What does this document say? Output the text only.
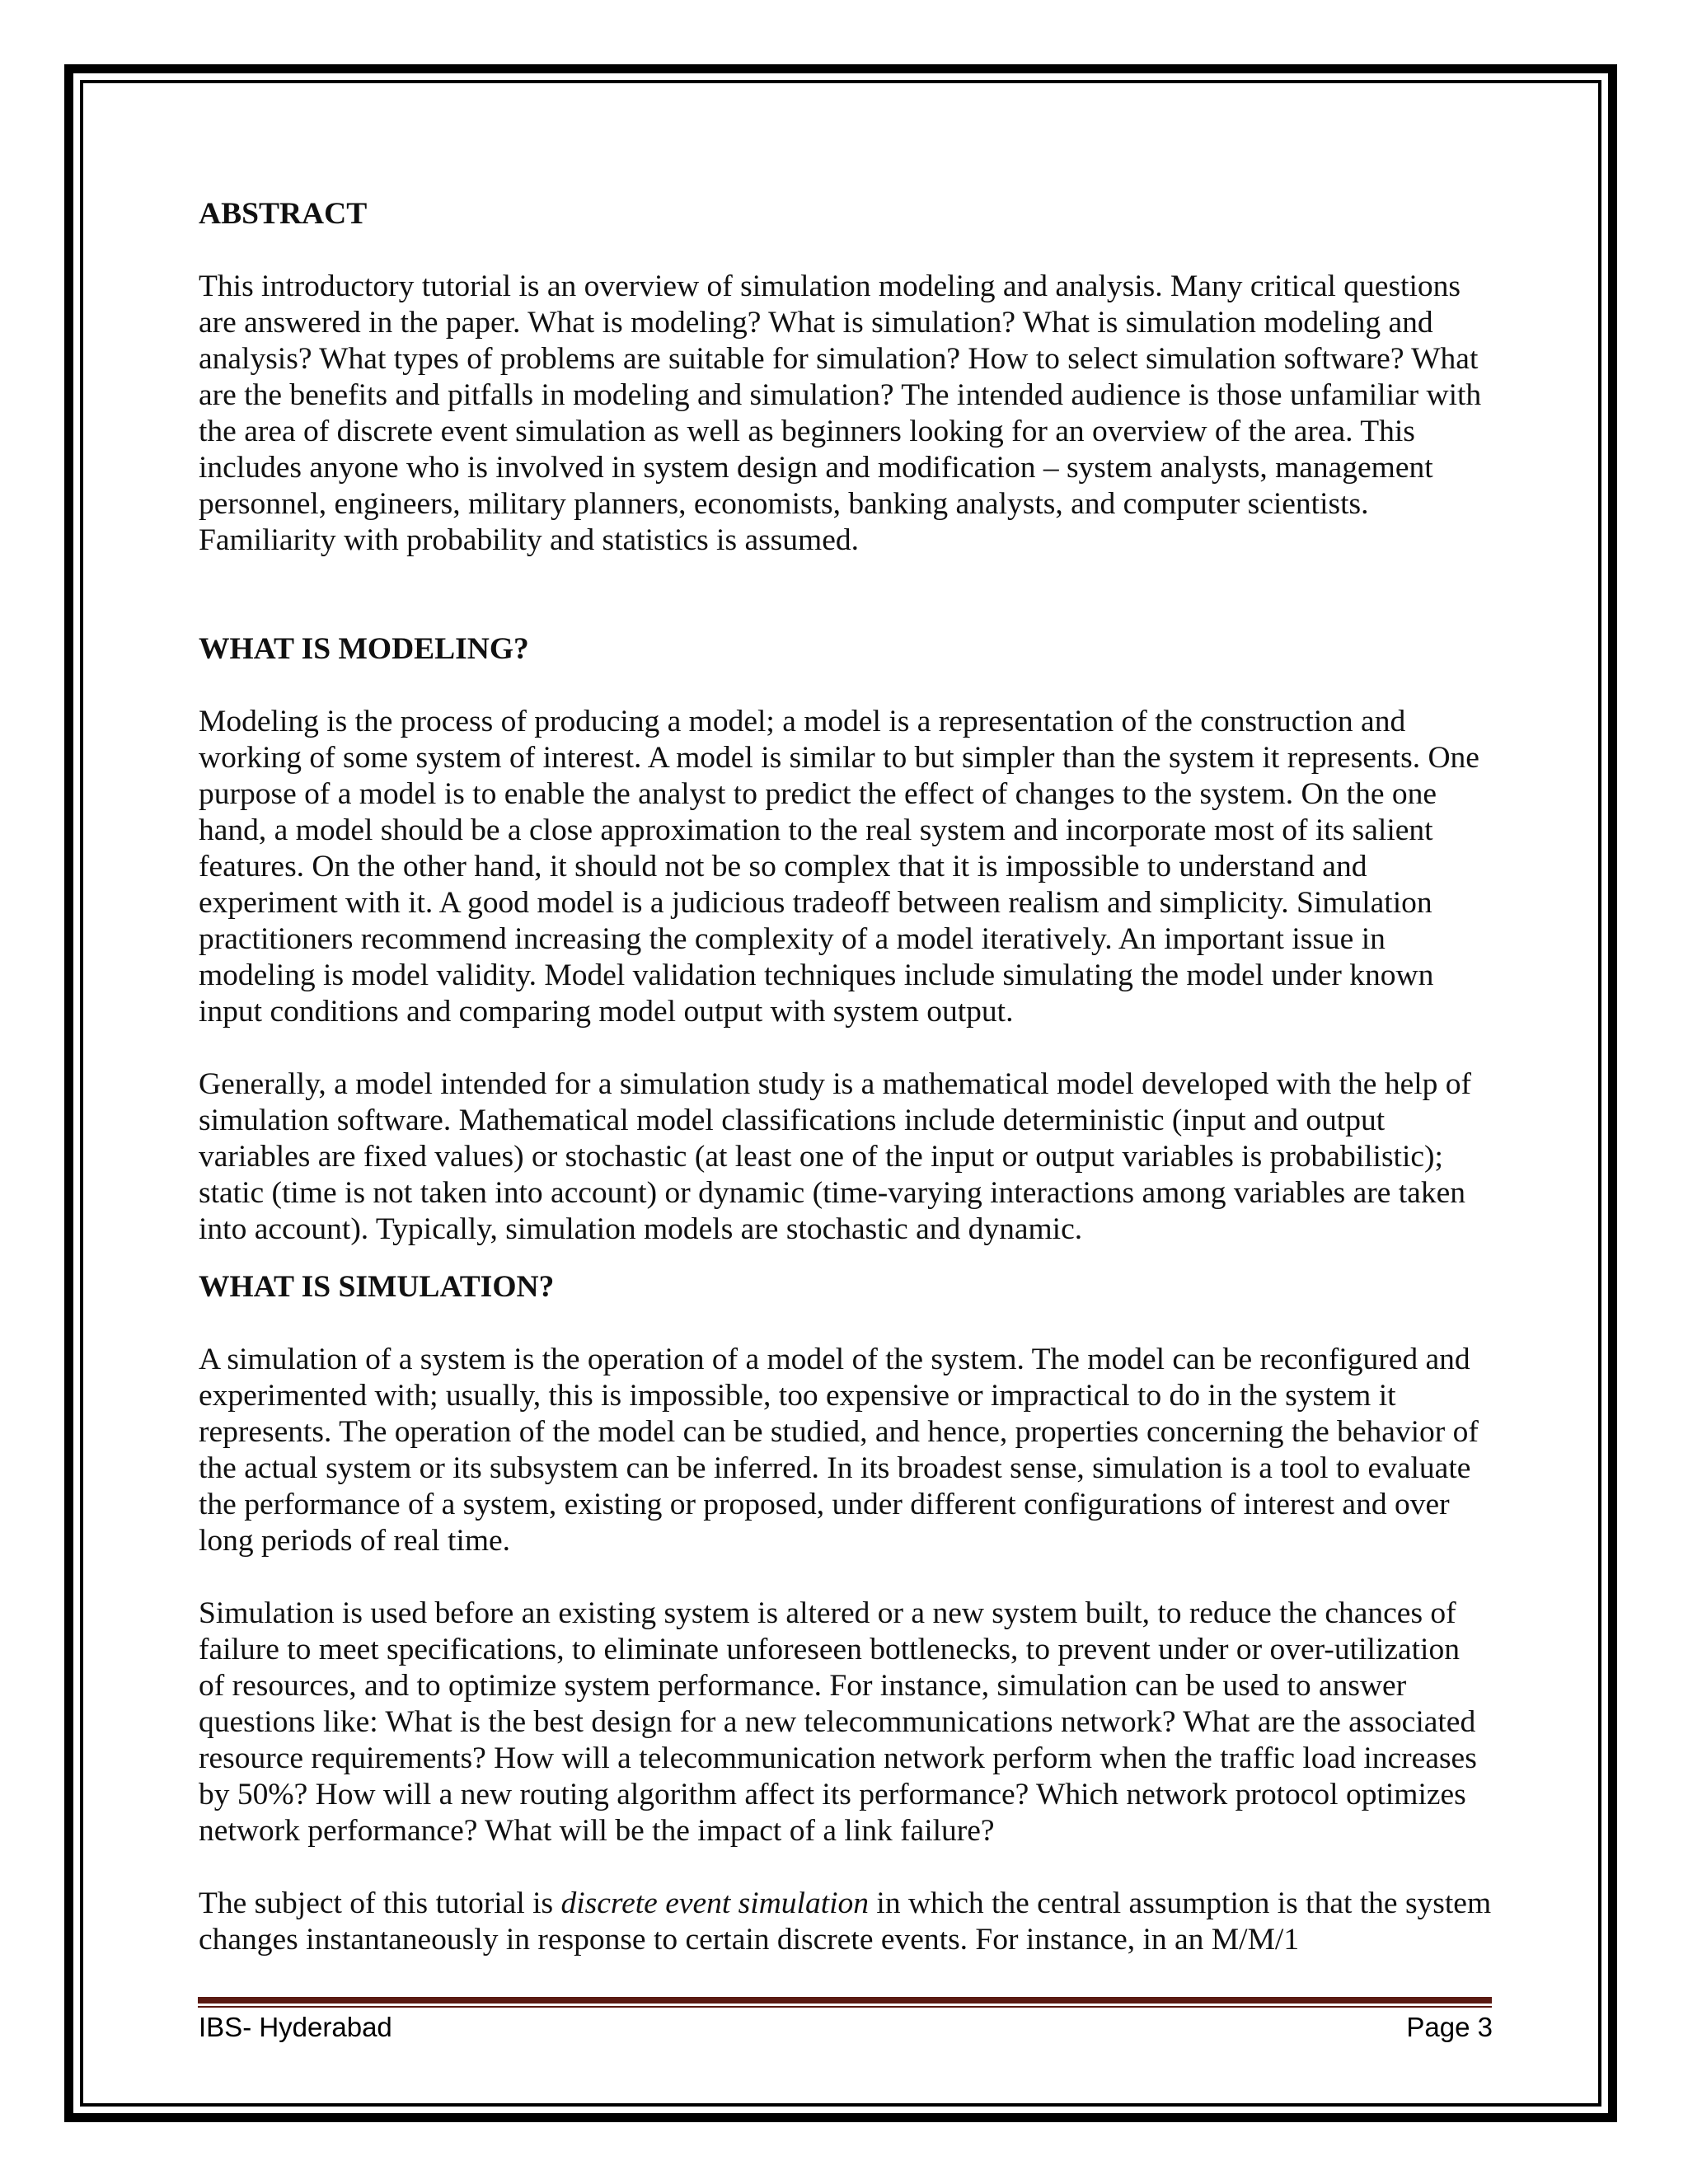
ABSTRACT

This introductory tutorial is an overview of simulation modeling and analysis. Many critical questions are answered in the paper. What is modeling? What is simulation? What is simulation modeling and analysis? What types of problems are suitable for simulation? How to select simulation software? What are the benefits and pitfalls in modeling and simulation? The intended audience is those unfamiliar with the area of discrete event simulation as well as beginners looking for an overview of the area. This includes anyone who is involved in system design and modification – system analysts, management personnel, engineers, military planners, economists, banking analysts, and computer scientists. Familiarity with probability and statistics is assumed.

WHAT IS MODELING?

Modeling is the process of producing a model; a model is a representation of the construction and working of some system of interest. A model is similar to but simpler than the system it represents. One purpose of a model is to enable the analyst to predict the effect of changes to the system. On the one hand, a model should be a close approximation to the real system and incorporate most of its salient features. On the other hand, it should not be so complex that it is impossible to understand and experiment with it. A good model is a judicious tradeoff between realism and simplicity. Simulation practitioners recommend increasing the complexity of a model iteratively. An important issue in modeling is model validity. Model validation techniques include simulating the model under known input conditions and comparing model output with system output.

Generally, a model intended for a simulation study is a mathematical model developed with the help of simulation software. Mathematical model classifications include deterministic (input and output variables are fixed values) or stochastic (at least one of the input or output variables is probabilistic); static (time is not taken into account) or dynamic (time-varying interactions among variables are taken into account). Typically, simulation models are stochastic and dynamic.

WHAT IS SIMULATION?

A simulation of a system is the operation of a model of the system. The model can be reconfigured and experimented with; usually, this is impossible, too expensive or impractical to do in the system it represents. The operation of the model can be studied, and hence, properties concerning the behavior of the actual system or its subsystem can be inferred. In its broadest sense, simulation is a tool to evaluate the performance of a system, existing or proposed, under different configurations of interest and over long periods of real time.

Simulation is used before an existing system is altered or a new system built, to reduce the chances of failure to meet specifications, to eliminate unforeseen bottlenecks, to prevent under or over-utilization of resources, and to optimize system performance. For instance, simulation can be used to answer questions like: What is the best design for a new telecommunications network? What are the associated resource requirements? How will a telecommunication network perform when the traffic load increases by 50%? How will a new routing algorithm affect its performance? Which network protocol optimizes network performance? What will be the impact of a link failure?

The subject of this tutorial is discrete event simulation in which the central assumption is that the system changes instantaneously in response to certain discrete events. For instance, in an M/M/1

IBS- Hyderabad	Page 3
